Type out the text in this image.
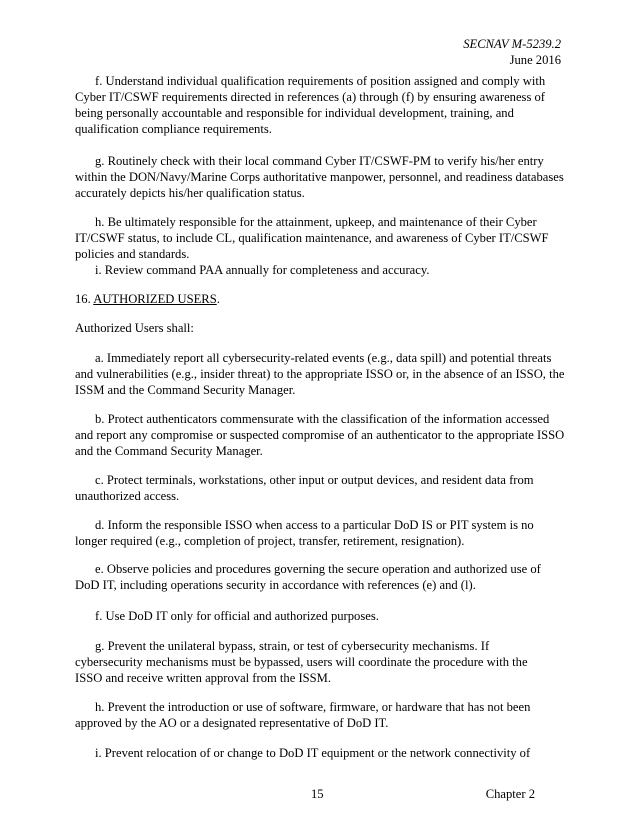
SECNAV M-5239.2
June 2016
f. Understand individual qualification requirements of position assigned and comply with
Cyber IT/CSWF requirements directed in references (a) through (f) by ensuring awareness of
being personally accountable and responsible for individual development, training, and
qualification compliance requirements.
g. Routinely check with their local command Cyber IT/CSWF-PM to verify his/her entry
within the DON/Navy/Marine Corps authoritative manpower, personnel, and readiness databases
accurately depicts his/her qualification status.
h. Be ultimately responsible for the attainment, upkeep, and maintenance of their Cyber
IT/CSWF status, to include CL, qualification maintenance, and awareness of Cyber IT/CSWF
policies and standards.
i. Review command PAA annually for completeness and accuracy.
16. AUTHORIZED USERS.
Authorized Users shall:
a. Immediately report all cybersecurity-related events (e.g., data spill) and potential threats
and vulnerabilities (e.g., insider threat) to the appropriate ISSO or, in the absence of an ISSO, the
ISSM and the Command Security Manager.
b. Protect authenticators commensurate with the classification of the information accessed
and report any compromise or suspected compromise of an authenticator to the appropriate ISSO
and the Command Security Manager.
c. Protect terminals, workstations, other input or output devices, and resident data from
unauthorized access.
d. Inform the responsible ISSO when access to a particular DoD IS or PIT system is no
longer required (e.g., completion of project, transfer, retirement, resignation).
e. Observe policies and procedures governing the secure operation and authorized use of
DoD IT, including operations security in accordance with references (e) and (l).
f. Use DoD IT only for official and authorized purposes.
g. Prevent the unilateral bypass, strain, or test of cybersecurity mechanisms. If
cybersecurity mechanisms must be bypassed, users will coordinate the procedure with the
ISSO and receive written approval from the ISSM.
h. Prevent the introduction or use of software, firmware, or hardware that has not been
approved by the AO or a designated representative of DoD IT.
i. Prevent relocation of or change to DoD IT equipment or the network connectivity of
15	Chapter 2
